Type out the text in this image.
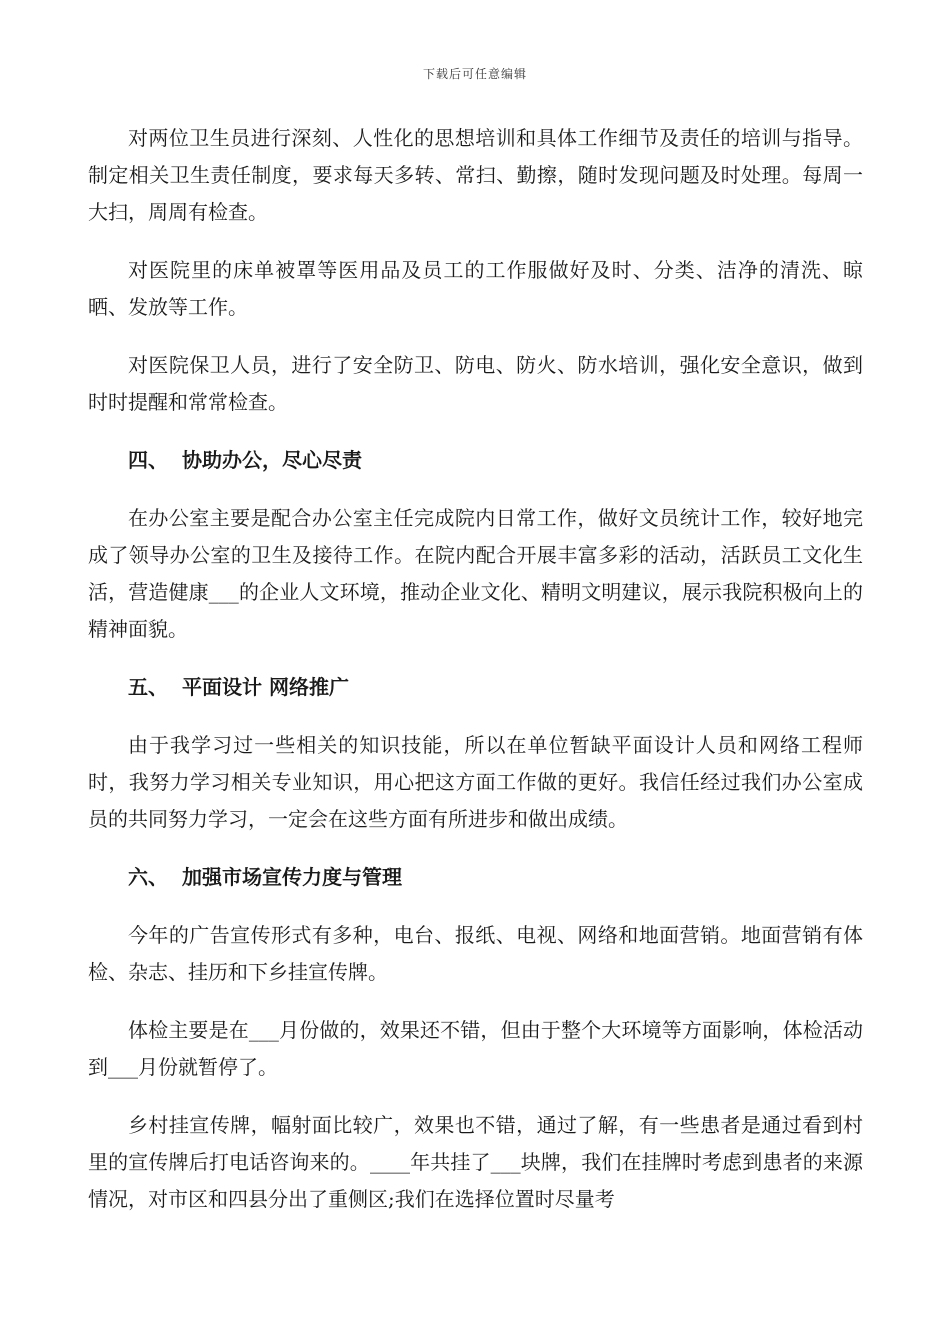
下载后可任意编辑

对两位卫生员进行深刻、人性化的思想培训和具体工作细节及责任的培训与指导。制定相关卫生责任制度，要求每天多转、常扫、勤擦，随时发现问题及时处理。每周一大扫，周周有检查。

对医院里的床单被罩等医用品及员工的工作服做好及时、分类、洁净的清洗、晾晒、发放等工作。

对医院保卫人员，进行了安全防卫、防电、防火、防水培训，强化安全意识，做到时时提醒和常常检查。

四、 协助办公，尽心尽责

在办公室主要是配合办公室主任完成院内日常工作，做好文员统计工作，较好地完成了领导办公室的卫生及接待工作。在院内配合开展丰富多彩的活动，活跃员工文化生活，营造健康___的企业人文环境，推动企业文化、精明文明建议，展示我院积极向上的精神面貌。

五、 平面设计 网络推广

由于我学习过一些相关的知识技能，所以在单位暂缺平面设计人员和网络工程师时，我努力学习相关专业知识，用心把这方面工作做的更好。我信任经过我们办公室成员的共同努力学习，一定会在这些方面有所进步和做出成绩。

六、 加强市场宣传力度与管理

今年的广告宣传形式有多种，电台、报纸、电视、网络和地面营销。地面营销有体检、杂志、挂历和下乡挂宣传牌。

体检主要是在___月份做的，效果还不错，但由于整个大环境等方面影响，体检活动到___月份就暂停了。

乡村挂宣传牌，幅射面比较广，效果也不错，通过了解，有一些患者是通过看到村里的宣传牌后打电话咨询来的。____年共挂了___块牌，我们在挂牌时考虑到患者的来源情况，对市区和四县分出了重侧区;我们在选择位置时尽量考
